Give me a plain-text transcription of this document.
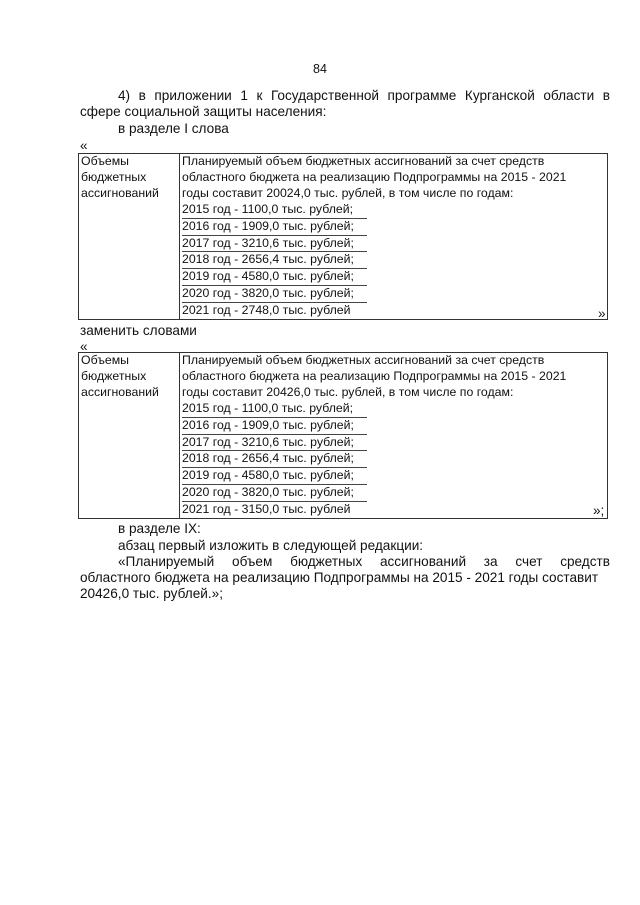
84
4) в приложении 1 к Государственной программе Курганской области в
сфере социальной защиты населения:
в разделе I слова
«
Объемы
бюджетных
ассигнований

Планируемый объем бюджетных ассигнований за счет средств
областного бюджета на реализацию Подпрограммы на 2015 - 2021
годы составит 20024,0 тыс. рублей, в том числе по годам:
2015 год - 1100,0 тыс. рублей;
2016 год - 1909,0 тыс. рублей;
2017 год - 3210,6 тыс. рублей;
2018 год - 2656,4 тыс. рублей;
2019 год - 4580,0 тыс. рублей;
2020 год - 3820,0 тыс. рублей;
2021 год - 2748,0 тыс. рублей	»
заменить словами
«
Объемы
бюджетных
ассигнований

Планируемый объем бюджетных ассигнований за счет средств
областного бюджета на реализацию Подпрограммы на 2015 - 2021
годы составит 20426,0 тыс. рублей, в том числе по годам:
2015 год - 1100,0 тыс. рублей;
2016 год - 1909,0 тыс. рублей;
2017 год - 3210,6 тыс. рублей;
2018 год - 2656,4 тыс. рублей;
2019 год - 4580,0 тыс. рублей;
2020 год - 3820,0 тыс. рублей;
2021 год - 3150,0 тыс. рублей	»;
в разделе IX:
абзац первый изложить в следующей редакции:
«Планируемый объем бюджетных ассигнований за счет средств
областного бюджета на реализацию Подпрограммы на 2015 - 2021 годы составит
20426,0 тыс. рублей.»;
